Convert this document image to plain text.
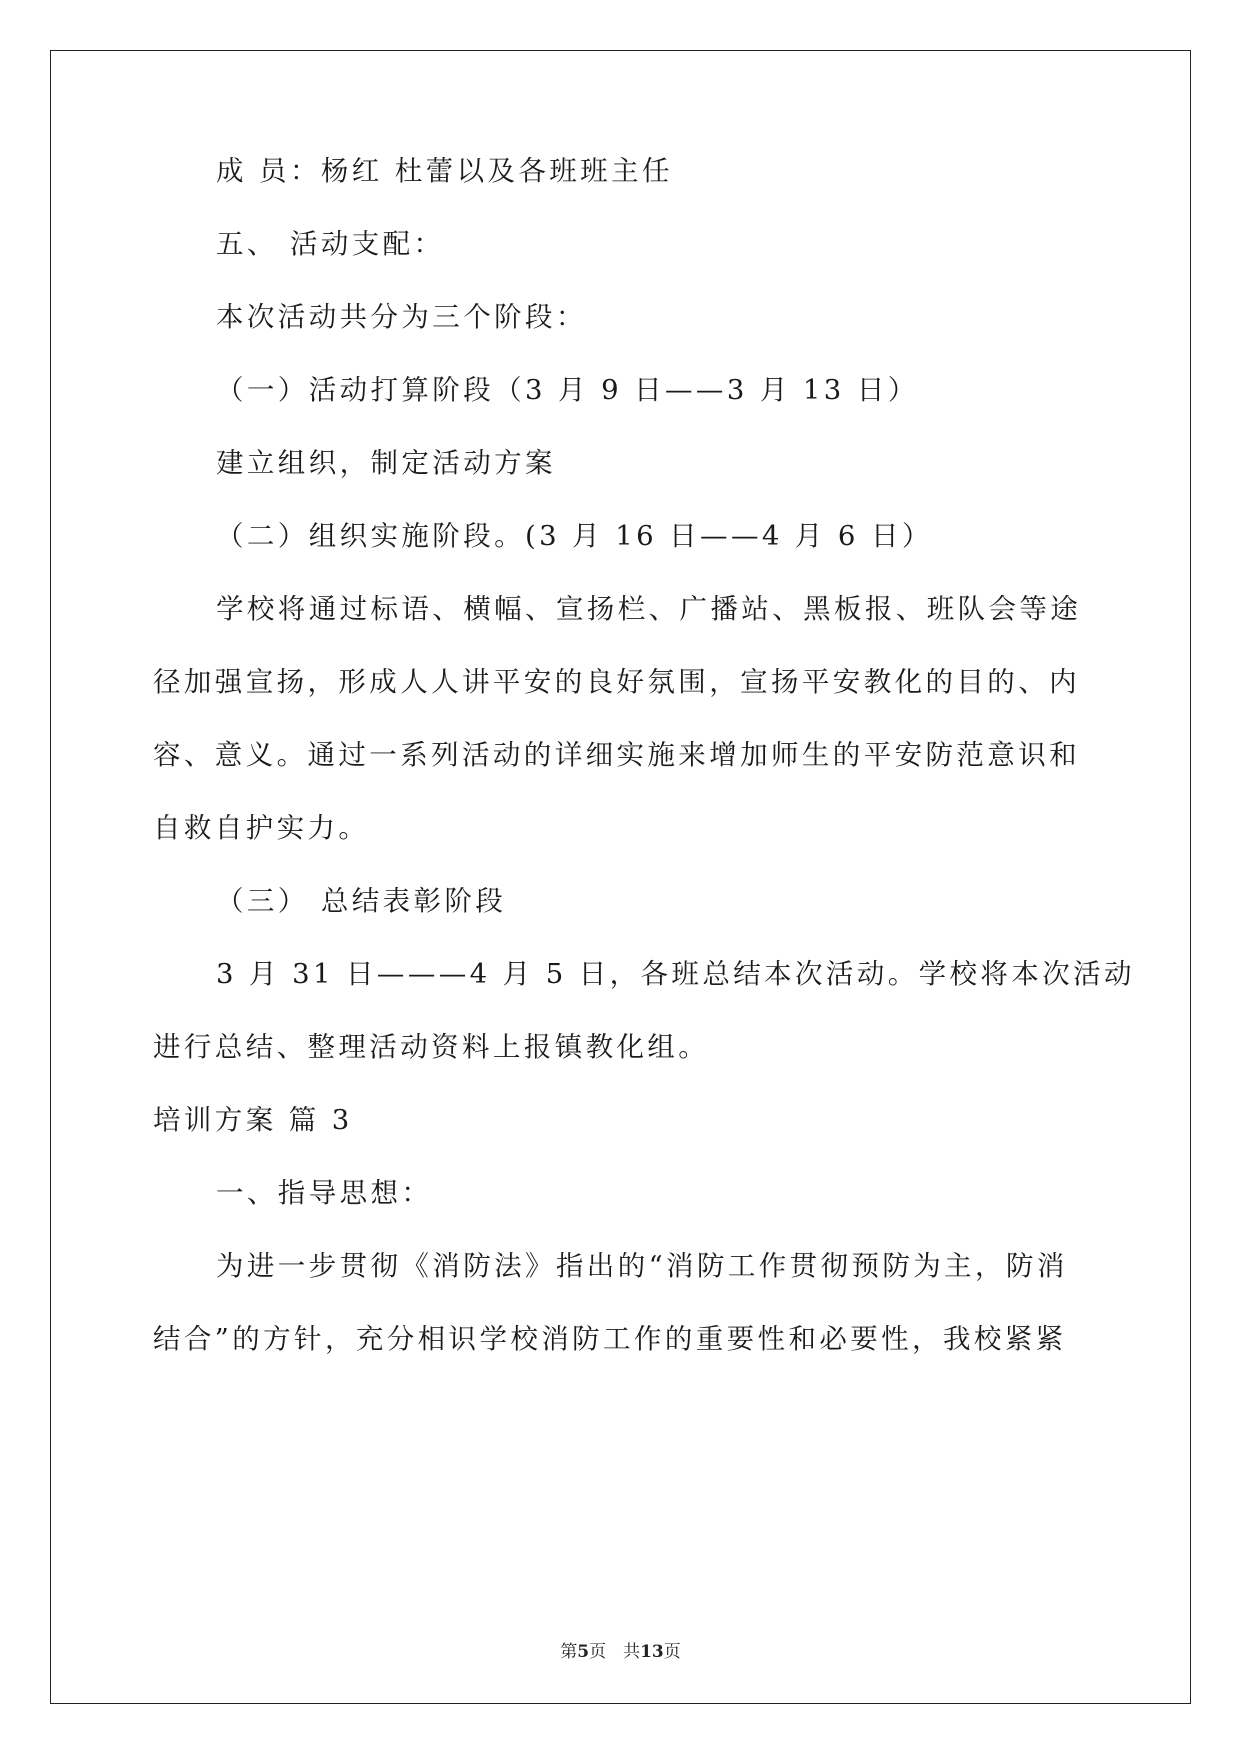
成 员：杨红 杜蕾以及各班班主任
五、 活动支配：
本次活动共分为三个阶段：
（一）活动打算阶段（3 月 9 日——3 月 13 日）
建立组织，制定活动方案
（二）组织实施阶段。(3 月 16 日——4 月 6 日）
学校将通过标语、横幅、宣扬栏、广播站、黑板报、班队会等途
径加强宣扬，形成人人讲平安的良好氛围，宣扬平安教化的目的、内
容、意义。通过一系列活动的详细实施来增加师生的平安防范意识和
自救自护实力。
（三） 总结表彰阶段
3 月 31 日———4 月 5 日，各班总结本次活动。学校将本次活动
进行总结、整理活动资料上报镇教化组。
培训方案 篇 3
一、指导思想：
为进一步贯彻《消防法》指出的“消防工作贯彻预防为主，防消
结合”的方针，充分相识学校消防工作的重要性和必要性，我校紧紧
第5页　共13页
